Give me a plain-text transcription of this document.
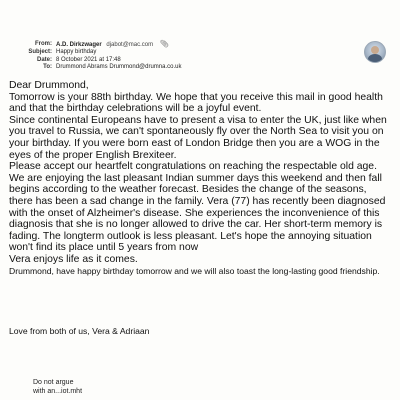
From: A.D. Dirkzwager djabot@mac.com 📎︎
Subject: Happy birthday
Date: 8 October 2021 at 17:48
To: Drummond Abrams Drummond@drumna.co.uk

Dear Drummond,

Tomorrow is your 88th birthday. We hope that you receive this mail in good health and that the birthday celebrations will be a joyful event.

Since continental Europeans have to present a visa to enter the UK, just like when you travel to Russia, we can't spontaneously fly over the North Sea to visit you on your birthday. If you were born east of London Bridge then you are a WOG in the eyes of the proper English Brexiteer.

Please accept our heartfelt congratulations on reaching the respectable old age.

We are enjoying the last pleasant Indian summer days this weekend and then fall begins according to the weather forecast. Besides the change of the seasons, there has been a sad change in the family. Vera (77) has recently been diagnosed with the onset of Alzheimer's disease. She experiences the inconvenience of this diagnosis that she is no longer allowed to drive the car. Her short-term memory is fading. The longterm outlook is less pleasant. Let's hope the annoying situation won't find its place until 5 years from now

Vera enjoys life as it comes.

Drummond, have happy birthday tomorrow and we will also toast the long-lasting good friendship.

Love from both of us, Vera & Adriaan
Do not argue
with an...iot.mht
